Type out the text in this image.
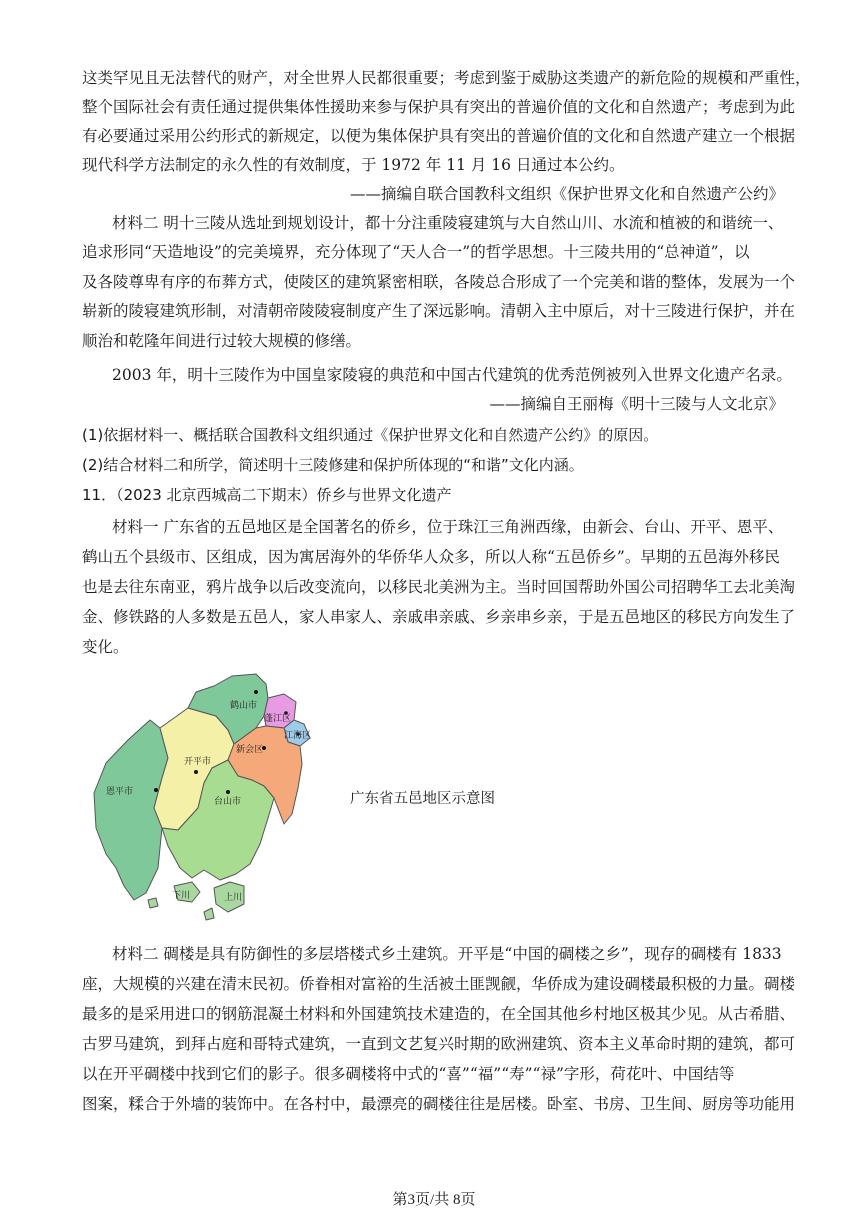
这类罕见且无法替代的财产，对全世界人民都很重要；考虑到鉴于威胁这类遗产的新危险的规模和严重性，
整个国际社会有责任通过提供集体性援助来参与保护具有突出的普遍价值的文化和自然遗产；考虑到为此
有必要通过采用公约形式的新规定，以便为集体保护具有突出的普遍价值的文化和自然遗产建立一个根据
现代科学方法制定的永久性的有效制度，于 1972 年 11 月 16 日通过本公约。
——摘编自联合国教科文组织《保护世界文化和自然遗产公约》
材料二 明十三陵从选址到规划设计，都十分注重陵寝建筑与大自然山川、水流和植被的和谐统一、
追求形同“天造地设”的完美境界，充分体现了“天人合一”的哲学思想。十三陵共用的“总神道”，以
及各陵尊卑有序的布葬方式，使陵区的建筑紧密相联，各陵总合形成了一个完美和谐的整体，发展为一个
崭新的陵寝建筑形制，对清朝帝陵陵寝制度产生了深远影响。清朝入主中原后，对十三陵进行保护，并在
顺治和乾隆年间进行过较大规模的修缮。
2003 年，明十三陵作为中国皇家陵寝的典范和中国古代建筑的优秀范例被列入世界文化遗产名录。
——摘编自王丽梅《明十三陵与人文北京》
(1)依据材料一、概括联合国教科文组织通过《保护世界文化和自然遗产公约》的原因。
(2)结合材料二和所学，简述明十三陵修建和保护所体现的“和谐”文化内涵。
11．（2023 北京西城高二下期末）侨乡与世界文化遗产
材料一 广东省的五邑地区是全国著名的侨乡，位于珠江三角洲西缘，由新会、台山、开平、恩平、
鹤山五个县级市、区组成，因为寓居海外的华侨华人众多，所以人称“五邑侨乡”。早期的五邑海外移民
也是去往东南亚，鸦片战争以后改变流向，以移民北美洲为主。当时回国帮助外国公司招聘华工去北美淘
金、修铁路的人多数是五邑人，家人串家人、亲戚串亲戚、乡亲串乡亲，于是五邑地区的移民方向发生了
变化。
鹤山市
蓬江区
江海区
新会区
开平市
恩平市
台山市
下川	上川
广东省五邑地区示意图
材料二 碉楼是具有防御性的多层塔楼式乡土建筑。开平是“中国的碉楼之乡”，现存的碉楼有 1833
座，大规模的兴建在清末民初。侨眷相对富裕的生活被土匪觊觎，华侨成为建设碉楼最积极的力量。碉楼
最多的是采用进口的钢筋混凝土材料和外国建筑技术建造的，在全国其他乡村地区极其少见。从古希腊、
古罗马建筑，到拜占庭和哥特式建筑，一直到文艺复兴时期的欧洲建筑、资本主义革命时期的建筑，都可
以在开平碉楼中找到它们的影子。很多碉楼将中式的“喜”“福”“寿”“禄”字形，荷花叶、中国结等
图案，糅合于外墙的装饰中。在各村中，最漂亮的碉楼往往是居楼。卧室、书房、卫生间、厨房等功能用
第3页/共 8页
